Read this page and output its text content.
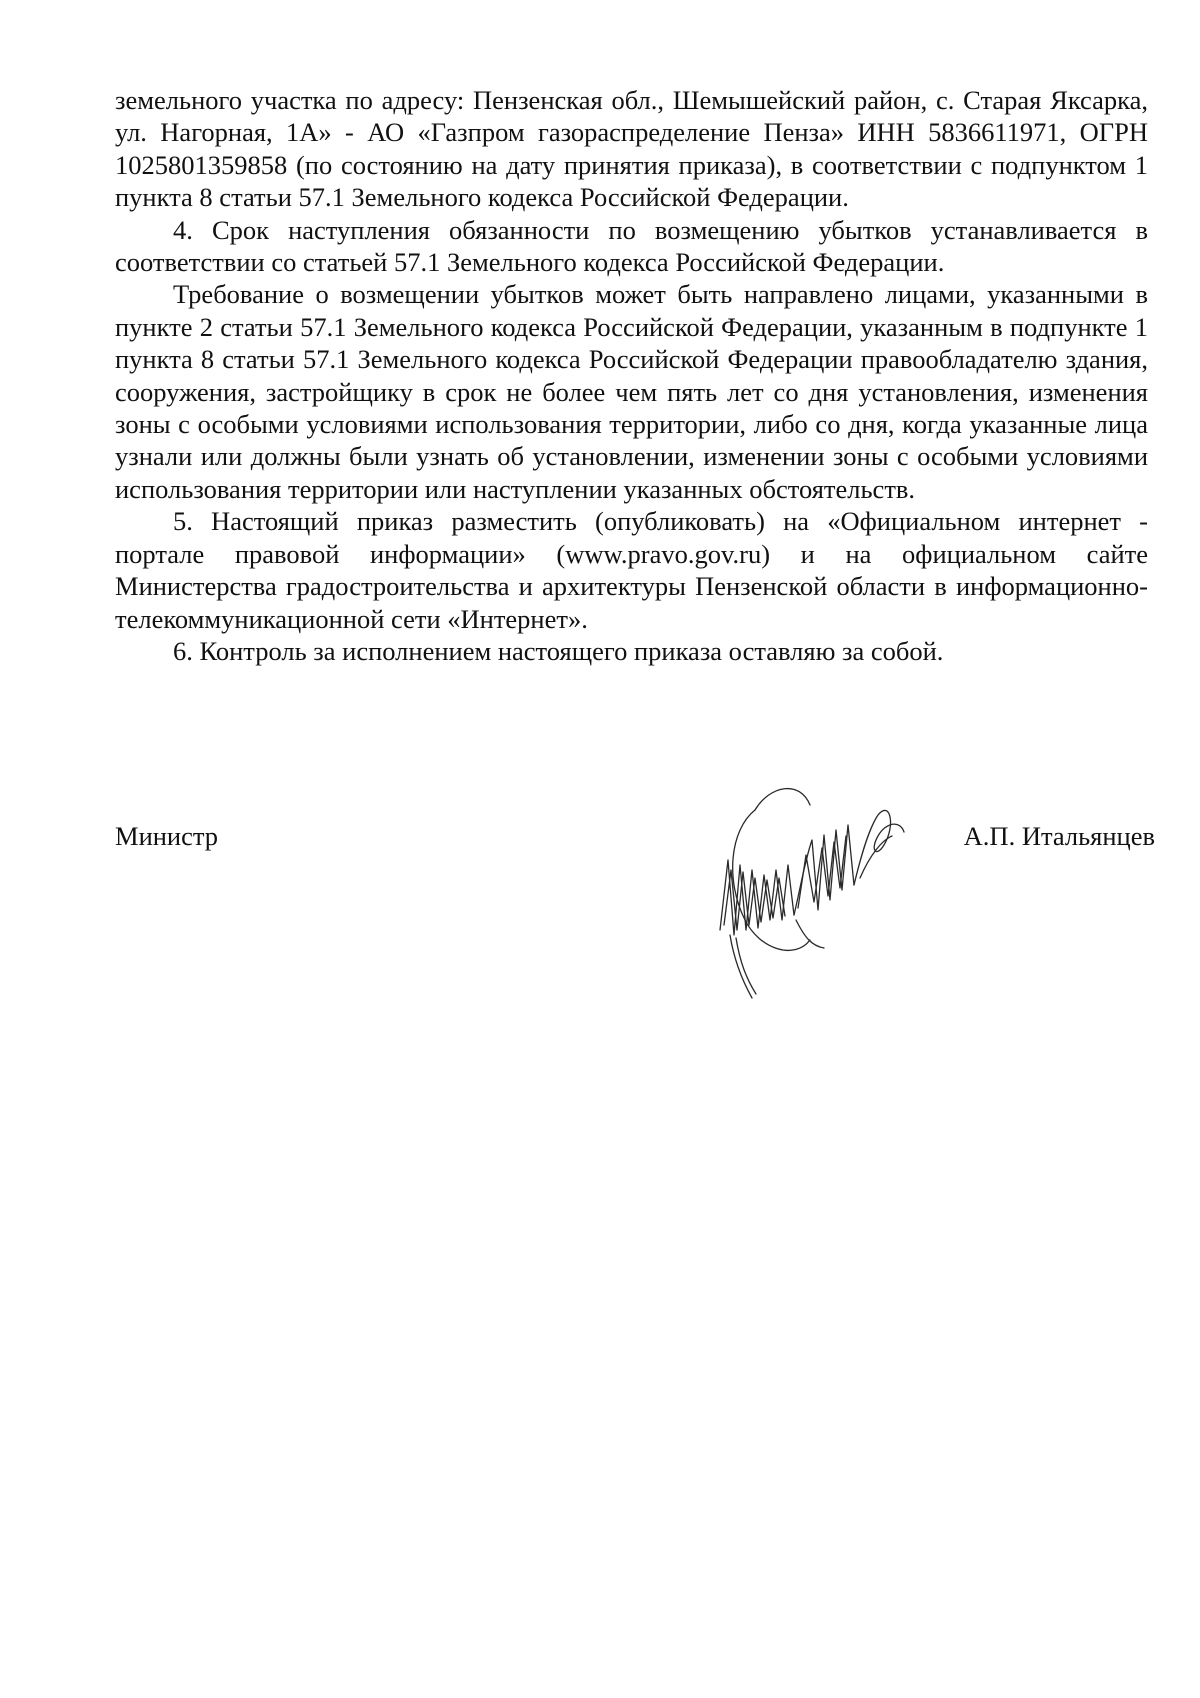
земельного участка по адресу: Пензенская обл., Шемышейский район, с. Старая Яксарка, ул. Нагорная, 1А» - АО «Газпром газораспределение Пенза» ИНН 5836611971, ОГРН 1025801359858 (по состоянию на дату принятия приказа), в соответствии с подпунктом 1 пункта 8 статьи 57.1 Земельного кодекса Российской Федерации.

4. Срок наступления обязанности по возмещению убытков устанавливается в соответствии со статьей 57.1 Земельного кодекса Российской Федерации.

Требование о возмещении убытков может быть направлено лицами, указанными в пункте 2 статьи 57.1 Земельного кодекса Российской Федерации, указанным в подпункте 1 пункта 8 статьи 57.1 Земельного кодекса Российской Федерации правообладателю здания, сооружения, застройщику в срок не более чем пять лет со дня установления, изменения зоны с особыми условиями использования территории, либо со дня, когда указанные лица узнали или должны были узнать об установлении, изменении зоны с особыми условиями использования территории или наступлении указанных обстоятельств.

5. Настоящий приказ разместить (опубликовать) на «Официальном интернет - портале правовой информации» (www.pravo.gov.ru) и на официальном сайте Министерства градостроительства и архитектуры Пензенской области в информационно-телекоммуникационной сети «Интернет».

6. Контроль за исполнением настоящего приказа оставляю за собой.

Министр	А.П. Итальянцев
